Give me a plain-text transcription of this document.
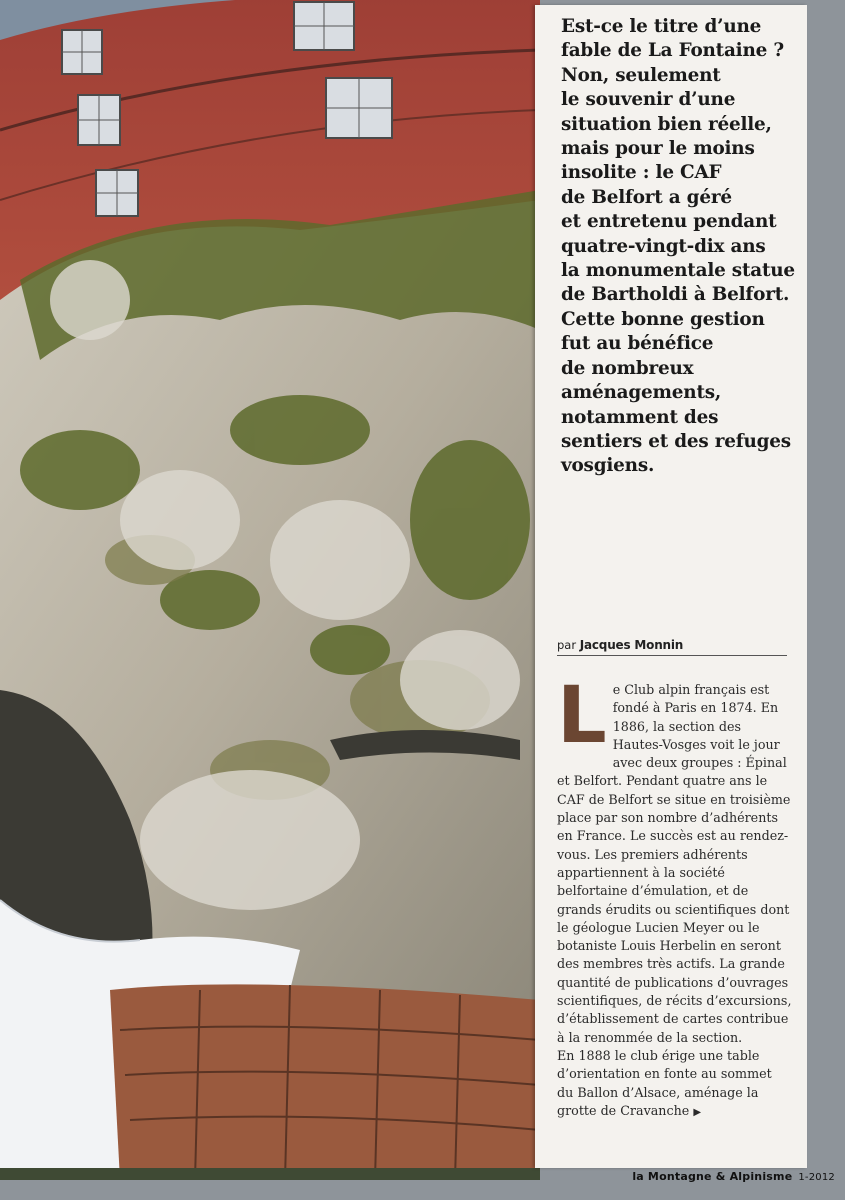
Est-ce le titre d’une
fable de La Fontaine ?
Non, seulement
le souvenir d’une
situation bien réelle,
mais pour le moins
insolite : le CAF
de Belfort a géré
et entretenu pendant
quatre-vingt-dix ans
la monumentale statue
de Bartholdi à Belfort.
Cette bonne gestion
fut au bénéfice
de nombreux
aménagements,
notamment des
sentiers et des refuges
vosgiens.

par Jacques Monnin
L e Club alpin français est fondé à Paris en 1874. En 1886, la section des Hautes-Vosges voit le jour avec deux groupes : Épinal et Belfort. Pendant quatre ans le CAF de Belfort se situe en troisième place par son nombre d’adhérents en France. Le succès est au rendez-vous. Les premiers adhérents appartiennent à la société belfortaine d’émulation, et de grands érudits ou scientifiques dont le géologue Lucien Meyer ou le botaniste Louis Herbelin en seront des membres très actifs. La grande quantité de publications d’ouvrages scientifiques, de récits d’excursions, d’établissement de cartes contribue à la renommée de la section.
En 1888 le club érige une table d’orientation en fonte au sommet du Ballon d’Alsace, aménage la grotte de Cravanche ▶
la Montagne & Alpinisme 1-2012
